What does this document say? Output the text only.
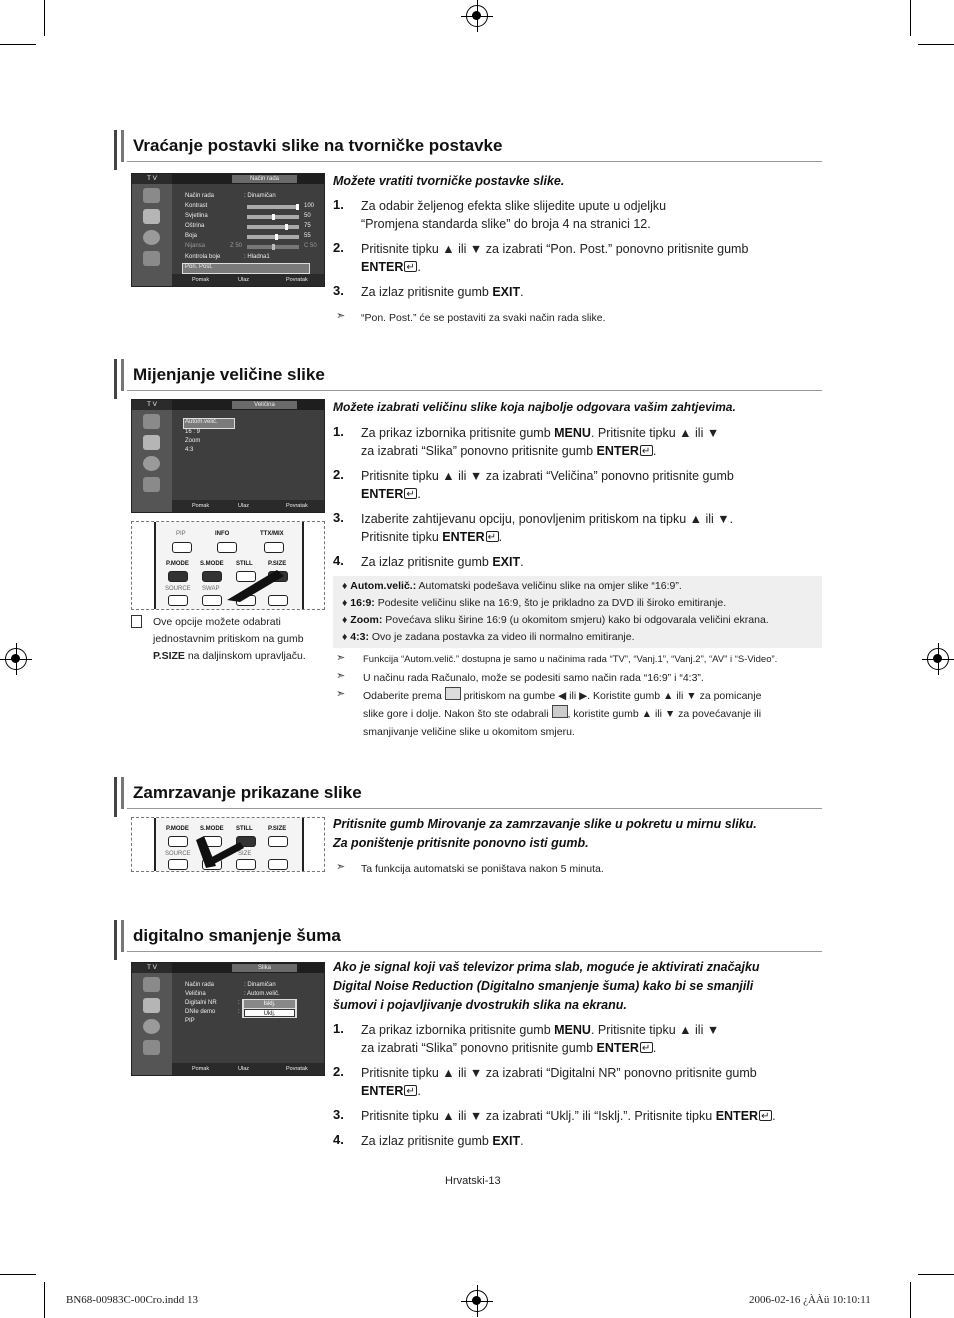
Vraćanje postavki slike na tvorničke postavke
T V	Način rada
Način rada	: Dinamičan
Kontrast	100
Svjetlina	50
Oštrina	75
Boja	55
Nijansa	Z 50	C 50
Kontrola boje	: Hladna1
Pon. Post.
Pomak	Ulaz	Povratak
Možete vratiti tvorničke postavke slike.
1. Za odabir željenog efekta slike slijedite upute u odjeljku
“Promjena standarda slike” do broja 4 na stranici 12.
2. Pritisnite tipku ▲ ili ▼ za izabrati “Pon. Post.” ponovno pritisnite gumb
ENTER ↵ .
3. Za izlaz pritisnite gumb EXIT.
➣ “Pon. Post.” će se postaviti za svaki način rada slike.
Mijenjanje veličine slike
T V	Veličina
Autom.velič.
16 : 9
Zoom
4:3
Pomak	Ulaz	Povratak
PIP	INFO	TTX/MIX
P.MODE S.MODE STILL	P.SIZE
SOURCE SWAP
Ove opcije možete odabrati
jednostavnim pritiskom na gumb
P.SIZE na daljinskom upravljaču.
Možete izabrati veličinu slike koja najbolje odgovara vašim zahtjevima.
1. Za prikaz izbornika pritisnite gumb MENU. Pritisnite tipku ▲ ili ▼
za izabrati “Slika” ponovno pritisnite gumb ENTER ↵ .
2. Pritisnite tipku ▲ ili ▼ za izabrati “Veličina” ponovno pritisnite gumb
ENTER ↵ .
3. Izaberite zahtijevanu opciju, ponovljenim pritiskom na tipku ▲ ili ▼.
Pritisnite tipku ENTER ↵ .
4. Za izlaz pritisnite gumb EXIT.
♦ Autom.velič.: Automatski podešava veličinu slike na omjer slike “16:9”.
♦ 16:9: Podesite veličinu slike na 16:9, što je prikladno za DVD ili široko emitiranje.
♦ Zoom: Povećava sliku širine 16:9 (u okomitom smjeru) kako bi odgovarala veličini ekrana.
♦ 4:3: Ovo je zadana postavka za video ili normalno emitiranje.
➣ Funkcija “Autom.velič.” dostupna je samo u načinima rada “TV”, “Vanj.1”, “Vanj.2”, “AV” i “S-Video”.
➣ U načinu rada Računalo, može se podesiti samo način rada “16:9” i “4:3”.
➣ Odaberite prema pritiskom na gumbe ◀ ili ▶. Koristite gumb ▲ ili ▼ za pomicanje
slike gore i dolje. Nakon što ste odabrali , koristite gumb ▲ ili ▼ za povećavanje ili
smanjivanje veličine slike u okomitom smjeru.
Zamrzavanje prikazane slike
P.MODE S.MODE STILL	P.SIZE
SOURCE	SIZE
Pritisnite gumb Mirovanje za zamrzavanje slike u pokretu u mirnu sliku.
Za poništenje pritisnite ponovno isti gumb.
➣ Ta funkcija automatski se poništava nakon 5 minuta.
digitalno smanjenje šuma
T V	Slika
Način rada	: Dinamičan
Veličina	: Autom.velič.
Digitalni NR	:
DNIe demo	:
PIP
Isklj.
Uklj.
Pomak	Ulaz	Povratak
Ako je signal koji vaš televizor prima slab, moguće je aktivirati značajku
Digital Noise Reduction (Digitalno smanjenje šuma) kako bi se smanjili
šumovi i pojavljivanje dvostrukih slika na ekranu.
1. Za prikaz izbornika pritisnite gumb MENU. Pritisnite tipku ▲ ili ▼
za izabrati “Slika” ponovno pritisnite gumb ENTER ↵ .
2. Pritisnite tipku ▲ ili ▼ za izabrati “Digitalni NR” ponovno pritisnite gumb
ENTER ↵ .
3. Pritisnite tipku ▲ ili ▼ za izabrati “Uklj.” ili “Isklj.”. Pritisnite tipku ENTER ↵ .
4. Za izlaz pritisnite gumb EXIT.
Hrvatski-13
BN68-00983C-00Cro.indd 13	2006-02-16 ¿ÀÀü 10:10:11
